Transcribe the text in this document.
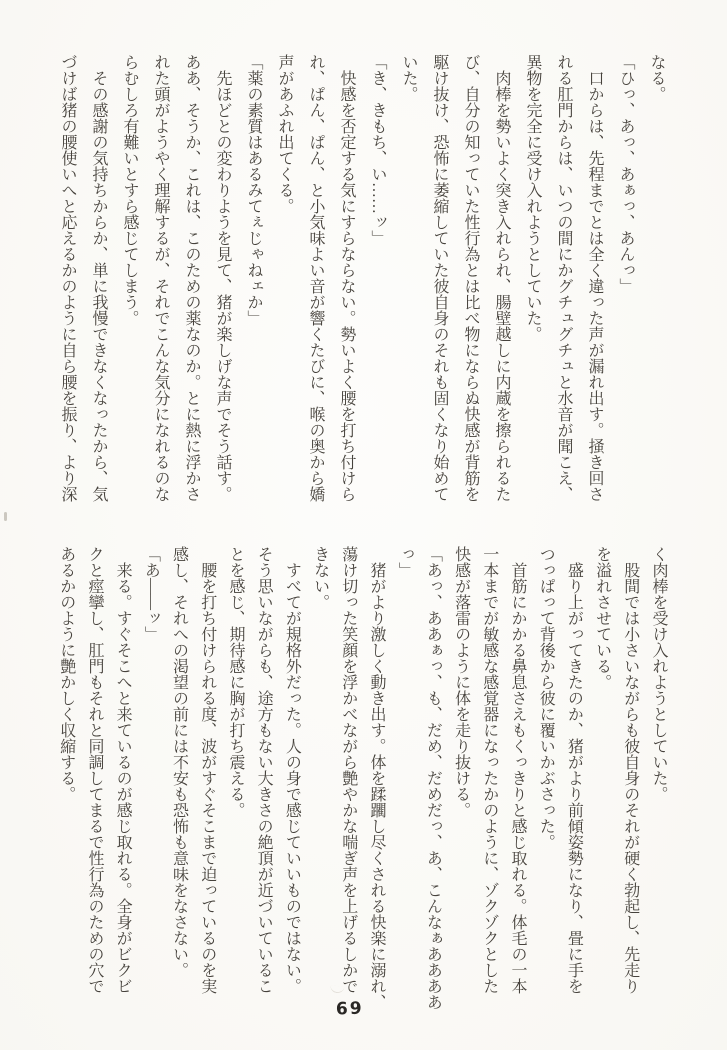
なる。
「ひっ、あっ、あぁっ、あんっ」
　口からは、先程までとは全く違った声が漏れ出す。掻き回さ
れる肛門からは、いつの間にかグチュグチュと水音が聞こえ、
異物を完全に受け入れようとしていた。
　肉棒を勢いよく突き入れられ、腸壁越しに内蔵を擦られるた
び、自分の知っていた性行為とは比べ物にならぬ快感が背筋を
駆け抜け、恐怖に萎縮していた彼自身のそれも固くなり始めて
いた。
「き、きもち、い……ッ」
　快感を否定する気にすらならない。勢いよく腰を打ち付けら
れ、ぱん、ぱん、と小気味よい音が響くたびに、喉の奥から嬌
声があふれ出てくる。
「薬の素質はあるみてぇじゃねェか」
　先ほどとの変わりようを見て、猪が楽しげな声でそう話す。
ああ、そうか、これは、このための薬なのか。とに熱に浮かさ
れた頭がようやく理解するが、それでこんな気分になれるのな
らむしろ有難いとすら感じてしまう。
　その感謝の気持ちからか、単に我慢できなくなったから、気
づけば猪の腰使いへと応えるかのように自ら腰を振り、より深
く肉棒を受け入れようとしていた。
　股間では小さいながらも彼自身のそれが硬く勃起し、先走り
を溢れさせている。
　盛り上がってきたのか、猪がより前傾姿勢になり、畳に手を
つっぱって背後から彼に覆いかぶさった。
　首筋にかかる鼻息さえもくっきりと感じ取れる。体毛の一本
一本までが敏感な感覚器になったかのように、ゾクゾクとした
快感が落雷のように体を走り抜ける。
「あっ、ああぁっ、も、だめ、だめだっ、あ、こんなぁああああ
っ」
　猪がより激しく動き出す。体を蹂躙し尽くされる快楽に溺れ、
蕩け切った笑顔を浮かべながら艶やかな喘ぎ声を上げるしかで
きない。
　すべてが規格外だった。人の身で感じていいものではない。
そう思いながらも、途方もない大きさの絶頂が近づいているこ
とを感じ、期待感に胸が打ち震える。
　腰を打ち付けられる度、波がすぐそこまで迫っているのを実
感し、それへの渇望の前には不安も恐怖も意味をなさない。
「あ――ッ」
　来る。すぐそこへと来ているのが感じ取れる。全身がビクビ
クと痙攣し、肛門もそれと同調してまるで性行為のための穴で
あるかのように艶かしく収縮する。
69
